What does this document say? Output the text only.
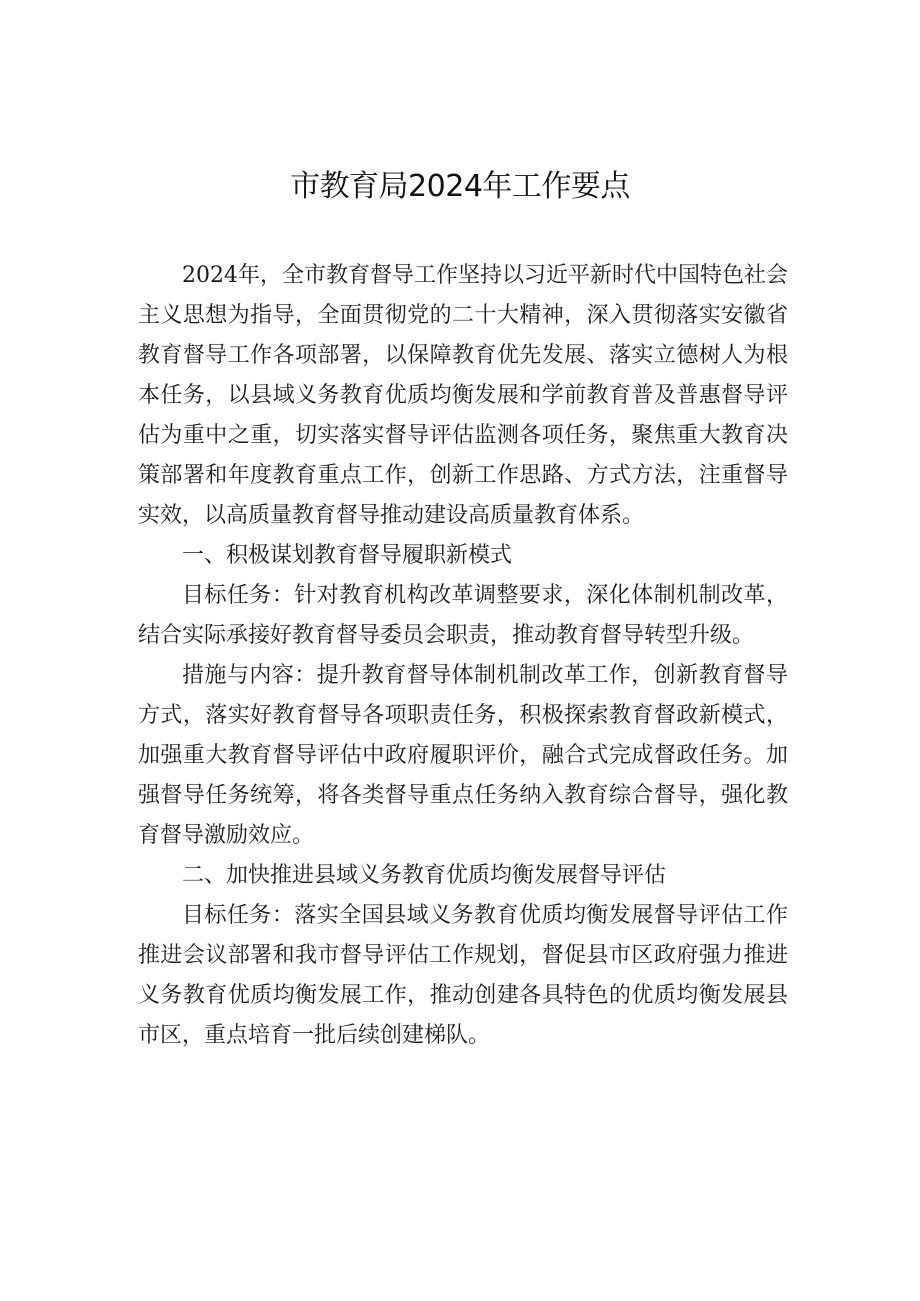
市教育局2024年工作要点

2024年，全市教育督导工作坚持以习近平新时代中国特色社会主义思想为指导，全面贯彻党的二十大精神，深入贯彻落实安徽省教育督导工作各项部署，以保障教育优先发展、落实立德树人为根本任务，以县域义务教育优质均衡发展和学前教育普及普惠督导评估为重中之重，切实落实督导评估监测各项任务，聚焦重大教育决策部署和年度教育重点工作，创新工作思路、方式方法，注重督导实效，以高质量教育督导推动建设高质量教育体系。

一、积极谋划教育督导履职新模式

目标任务：针对教育机构改革调整要求，深化体制机制改革，结合实际承接好教育督导委员会职责，推动教育督导转型升级。

措施与内容：提升教育督导体制机制改革工作，创新教育督导方式，落实好教育督导各项职责任务，积极探索教育督政新模式，加强重大教育督导评估中政府履职评价，融合式完成督政任务。加强督导任务统筹，将各类督导重点任务纳入教育综合督导，强化教育督导激励效应。

二、加快推进县域义务教育优质均衡发展督导评估

目标任务：落实全国县域义务教育优质均衡发展督导评估工作推进会议部署和我市督导评估工作规划，督促县市区政府强力推进义务教育优质均衡发展工作，推动创建各具特色的优质均衡发展县市区，重点培育一批后续创建梯队。
